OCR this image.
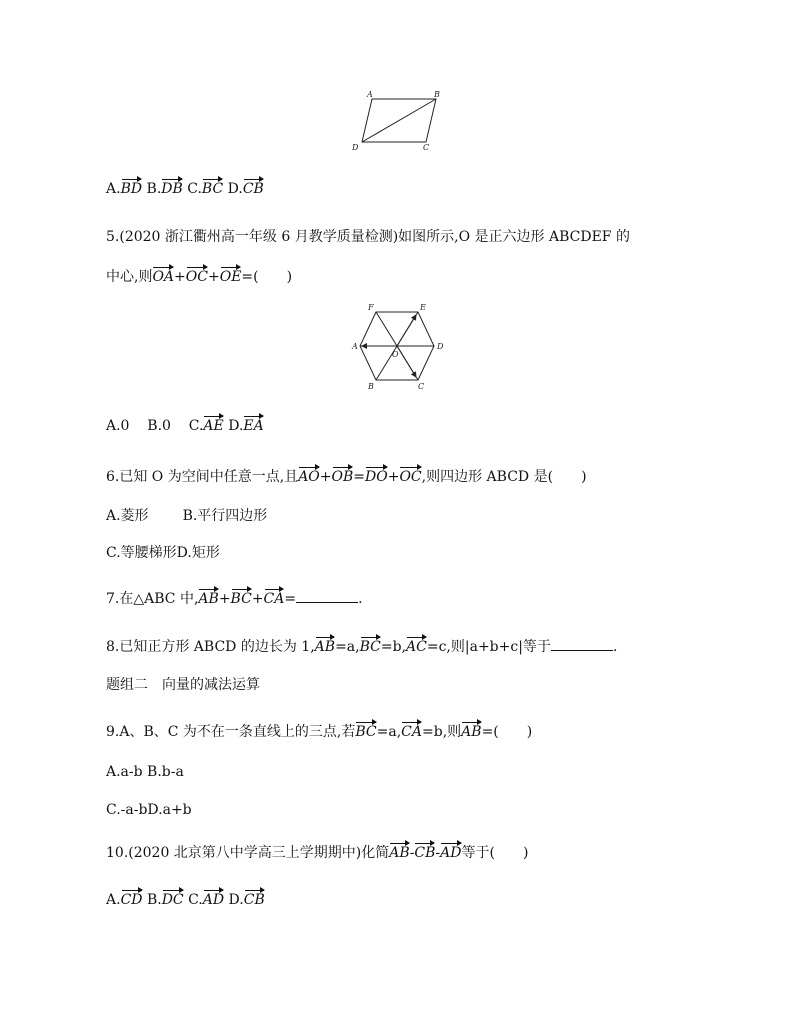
A	B
C
D
A.BD B.DB C.BC D.CB
5.(2020 浙江衢州高一年级 6 月教学质量检测)如图所示,O 是正六边形 ABCDEF 的
中心,则OA+OC+OE=(　　)
F	E
A	D
O
B	C
A.0 B.0 C.AE D.EA
6.已知 O 为空间中任意一点,且AO+OB=DO+OC,则四边形 ABCD 是(　　)
A.菱形 B.平行四边形
C.等腰梯形D.矩形
7.在△ABC 中,AB+BC+CA=	.
8.已知正方形 ABCD 的边长为 1,AB=a,BC=b,AC=c,则|a+b+c|等于	.
题组二　向量的减法运算
9.A、B、C 为不在一条直线上的三点,若BC=a,CA=b,则AB=(　　)
A.a-b B.b-a
C.-a-bD.a+b
10.(2020 北京第八中学高三上学期期中)化简AB-CB-AD等于(　　)
A.CD B.DC C.AD D.CB
